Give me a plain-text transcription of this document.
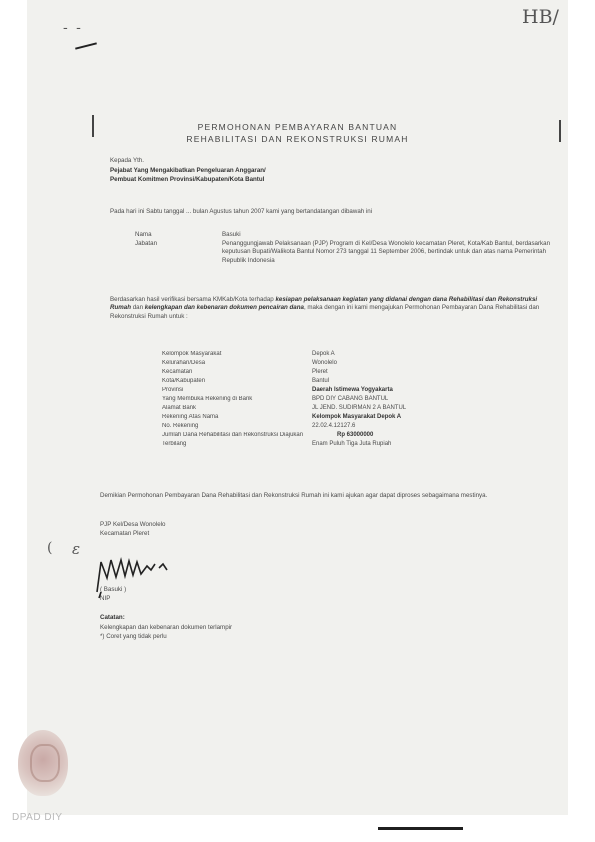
- -	HB/

PERMOHONAN PEMBAYARAN BANTUAN

REHABILITASI DAN REKONSTRUKSI RUMAH

Kepada Yth.

Pejabat Yang Mengakibatkan Pengeluaran Anggaran/

Pembuat Komitmen Provinsi/Kabupaten/Kota Bantul

Pada hari ini Sabtu tanggal ... bulan Agustus tahun 2007 kami yang bertandatangan dibawah ini

Nama	Basuki

Jabatan	Penanggungjawab Pelaksanaan (PJP) Program di Kel/Desa Wonolelo kecamatan Pleret, Kota/Kab Bantul, berdasarkan keputusan Bupati/Walikota Bantul Nomor 273 tanggal 11 September 2006, bertindak untuk dan atas nama Pemerintah Republik Indonesia

Berdasarkan hasil verifikasi bersama KMKab/Kota terhadap kesiapan pelaksanaan kegiatan yang didanai dengan dana Rehabilitasi dan Rekonstruksi Rumah dan kelengkapan dan kebenaran dokumen pencairan dana, maka dengan ini kami mengajukan Permohonan Pembayaran Dana Rehabilitasi dan Rekonstruksi Rumah untuk :

Kelompok Masyarakat	Depok A
Kelurahan/Desa	Wonolelo
Kecamatan	Pleret
Kota/Kabupaten	Bantul
Provinsi	Daerah Istimewa Yogyakarta
Yang Membuka Rekening di Bank	BPD DIY CABANG BANTUL
Alamat Bank	JL JEND. SUDIRMAN 2 A BANTUL
Rekening Atas Nama	Kelompok Masyarakat Depok A
No. Rekening	22.02.4.12127.6
Jumlah Dana Rehabilitasi dan Rekonstruksi Diajukan	Rp 63000000
Terbilang	Enam Puluh Tiga Juta Rupiah

Demikian Permohonan Pembayaran Dana Rehabilitasi dan Rekonstruksi Rumah ini kami ajukan agar dapat diproses sebagaimana mestinya.

PJP Kel/Desa Wonolelo

Kecamatan Pleret

( ε

( Basuki )

NIP

Catatan:

Kelengkapan dan kebenaran dokumen terlampir

*) Coret yang tidak perlu

DPAD DIY
